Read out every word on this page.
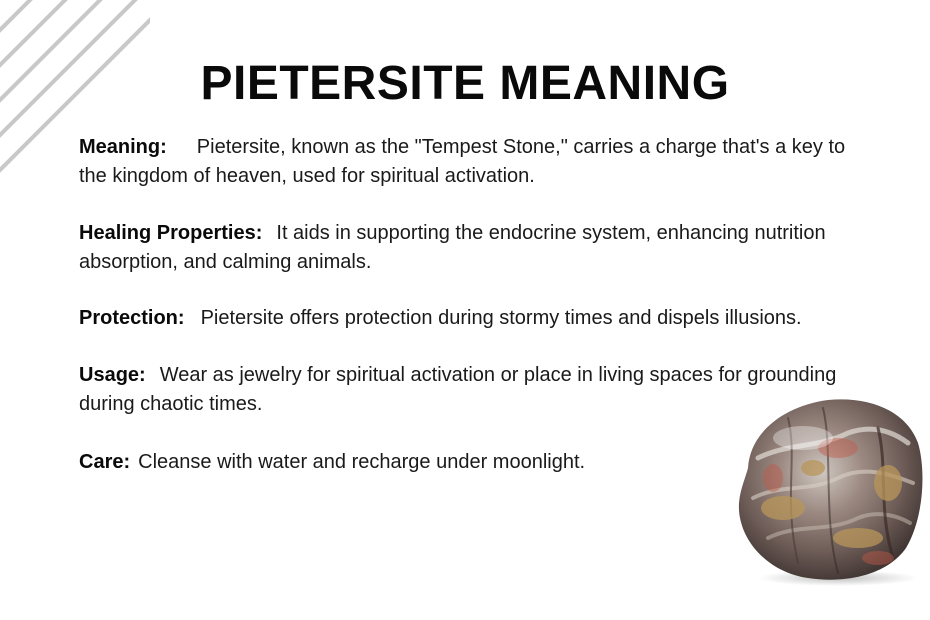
PIETERSITE MEANING
Meaning: Pietersite, known as the "Tempest Stone," carries a charge that's a key to the kingdom of heaven, used for spiritual activation.
Healing Properties: It aids in supporting the endocrine system, enhancing nutrition absorption, and calming animals.
Protection: Pietersite offers protection during stormy times and dispels illusions.
Usage: Wear as jewelry for spiritual activation or place in living spaces for grounding during chaotic times.
Care: Cleanse with water and recharge under moonlight.
